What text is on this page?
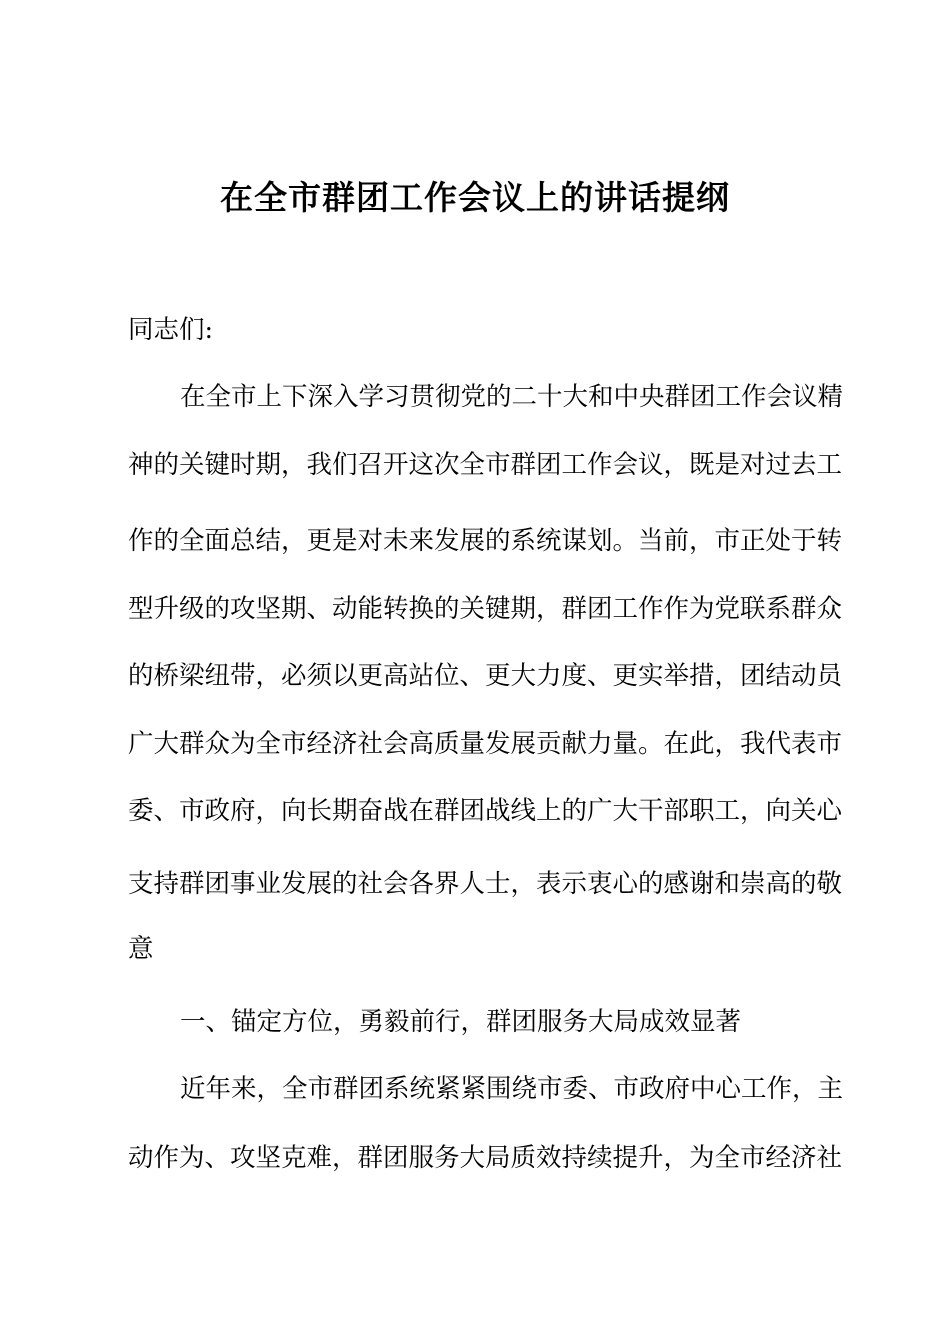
在全市群团工作会议上的讲话提纲
同志们:
在全市上下深入学习贯彻党的二十大和中央群团工作会议精
神的关键时期，我们召开这次全市群团工作会议，既是对过去工
作的全面总结，更是对未来发展的系统谋划。当前，市正处于转
型升级的攻坚期、动能转换的关键期，群团工作作为党联系群众
的桥梁纽带，必须以更高站位、更大力度、更实举措，团结动员
广大群众为全市经济社会高质量发展贡献力量。在此，我代表市
委、市政府，向长期奋战在群团战线上的广大干部职工，向关心
支持群团事业发展的社会各界人士，表示衷心的感谢和崇高的敬
意
一、锚定方位，勇毅前行，群团服务大局成效显著
近年来，全市群团系统紧紧围绕市委、市政府中心工作，主
动作为、攻坚克难，群团服务大局质效持续提升，为全市经济社
